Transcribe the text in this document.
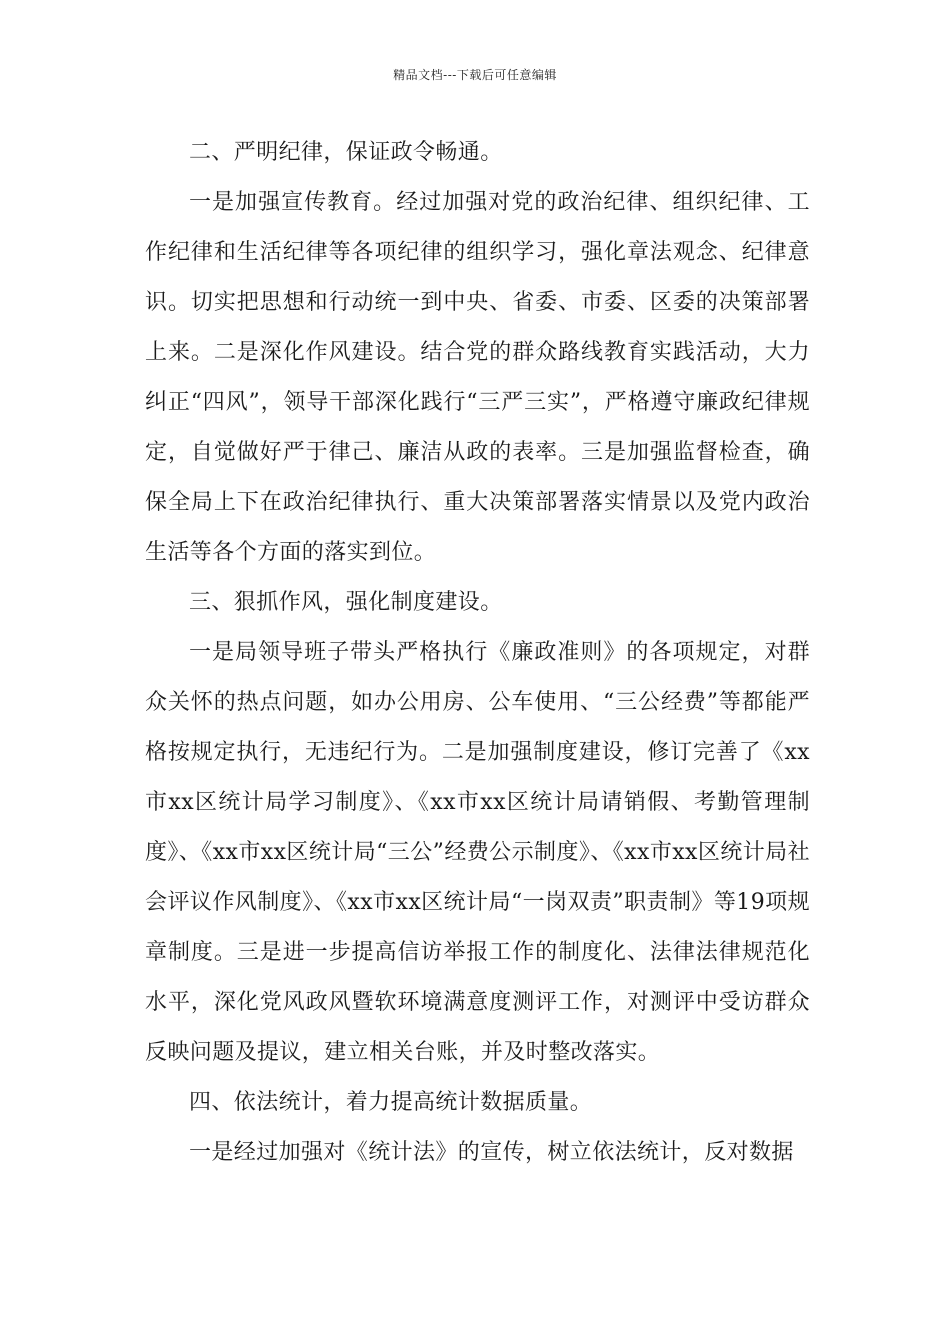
精品文档---下载后可任意编辑

二、严明纪律，保证政令畅通。

一是加强宣传教育。经过加强对党的政治纪律、组织纪律、工作纪律和生活纪律等各项纪律的组织学习，强化章法观念、纪律意识。切实把思想和行动统一到中央、省委、市委、区委的决策部署上来。二是深化作风建设。结合党的群众路线教育实践活动，大力纠正“四风”，领导干部深化践行“三严三实”，严格遵守廉政纪律规定，自觉做好严于律己、廉洁从政的表率。三是加强监督检查，确保全局上下在政治纪律执行、重大决策部署落实情景以及党内政治生活等各个方面的落实到位。

三、狠抓作风，强化制度建设。

一是局领导班子带头严格执行《廉政准则》的各项规定，对群众关怀的热点问题，如办公用房、公车使用、“三公经费”等都能严格按规定执行，无违纪行为。二是加强制度建设，修订完善了《xx市xx区统计局学习制度》、《xx市xx区统计局请销假、考勤管理制度》、《xx市xx区统计局“三公”经费公示制度》、《xx市xx区统计局社会评议作风制度》、《xx市xx区统计局“一岗双责”职责制》等19项规章制度。三是进一步提高信访举报工作的制度化、法律法律规范化水平，深化党风政风暨软环境满意度测评工作，对测评中受访群众反映问题及提议，建立相关台账，并及时整改落实。

四、依法统计，着力提高统计数据质量。

一是经过加强对《统计法》的宣传，树立依法统计，反对数据
